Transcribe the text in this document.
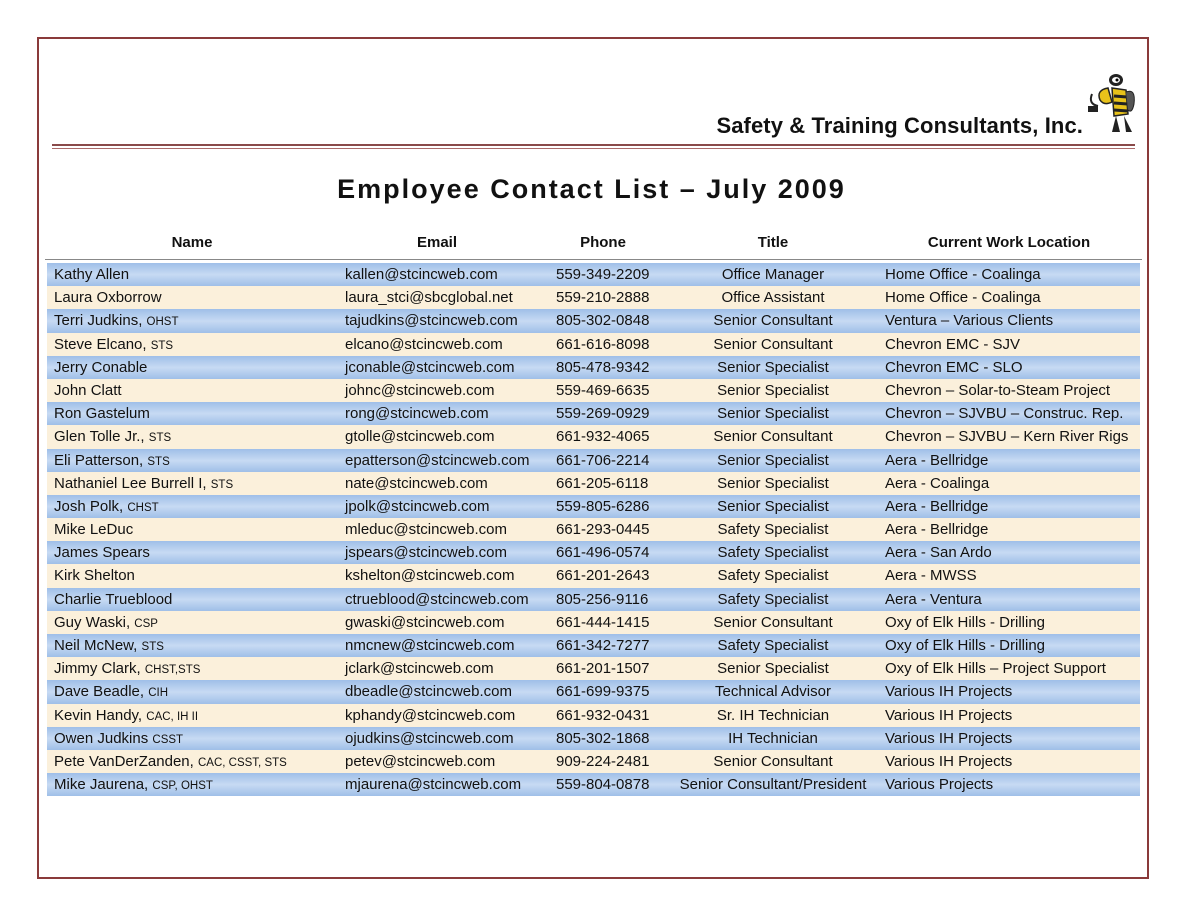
Safety & Training Consultants, Inc.
Employee Contact List – July 2009
Name	Email	Phone	Title	Current Work Location
Kathy Allen	kallen@stcincweb.com	559-349-2209	Office Manager	Home Office - Coalinga
Laura Oxborrow	laura_stci@sbcglobal.net	559-210-2888	Office Assistant	Home Office - Coalinga
Terri Judkins, OHST	tajudkins@stcincweb.com	805-302-0848	Senior Consultant	Ventura – Various Clients
Steve Elcano, STS	elcano@stcincweb.com	661-616-8098	Senior Consultant	Chevron EMC - SJV
Jerry Conable	jconable@stcincweb.com	805-478-9342	Senior Specialist	Chevron EMC - SLO
John Clatt	johnc@stcincweb.com	559-469-6635	Senior Specialist	Chevron – Solar-to-Steam Project
Ron Gastelum	rong@stcincweb.com	559-269-0929	Senior Specialist	Chevron – SJVBU – Construc. Rep.
Glen Tolle Jr., STS	gtolle@stcincweb.com	661-932-4065	Senior Consultant	Chevron – SJVBU – Kern River Rigs
Eli Patterson, STS	epatterson@stcincweb.com 661-706-2214	Senior Specialist	Aera - Bellridge
Nathaniel Lee Burrell I, STS	nate@stcincweb.com	661-205-6118	Senior Specialist	Aera - Coalinga
Josh Polk, CHST	jpolk@stcincweb.com	559-805-6286	Senior Specialist	Aera - Bellridge
Mike LeDuc	mleduc@stcincweb.com	661-293-0445	Safety Specialist	Aera - Bellridge
James Spears	jspears@stcincweb.com	661-496-0574	Safety Specialist	Aera - San Ardo
Kirk Shelton	kshelton@stcincweb.com	661-201-2643	Safety Specialist	Aera - MWSS
Charlie Trueblood	ctrueblood@stcincweb.com 805-256-9116	Safety Specialist	Aera - Ventura
Guy Waski, CSP	gwaski@stcincweb.com	661-444-1415	Senior Consultant	Oxy of Elk Hills - Drilling
Neil McNew, STS	nmcnew@stcincweb.com	661-342-7277	Safety Specialist	Oxy of Elk Hills - Drilling
Jimmy Clark, CHST,STS	jclark@stcincweb.com	661-201-1507	Senior Specialist	Oxy of Elk Hills – Project Support
Dave Beadle, CIH	dbeadle@stcincweb.com	661-699-9375	Technical Advisor	Various IH Projects
Kevin Handy, CAC, IH II	kphandy@stcincweb.com	661-932-0431	Sr. IH Technician	Various IH Projects
Owen Judkins CSST	ojudkins@stcincweb.com	805-302-1868	IH Technician	Various IH Projects
Pete VanDerZanden, CAC, CSST, STS	petev@stcincweb.com	909-224-2481	Senior Consultant	Various IH Projects
Mike Jaurena, CSP, OHST	mjaurena@stcincweb.com 559-804-0878	Senior Consultant/President	Various Projects
